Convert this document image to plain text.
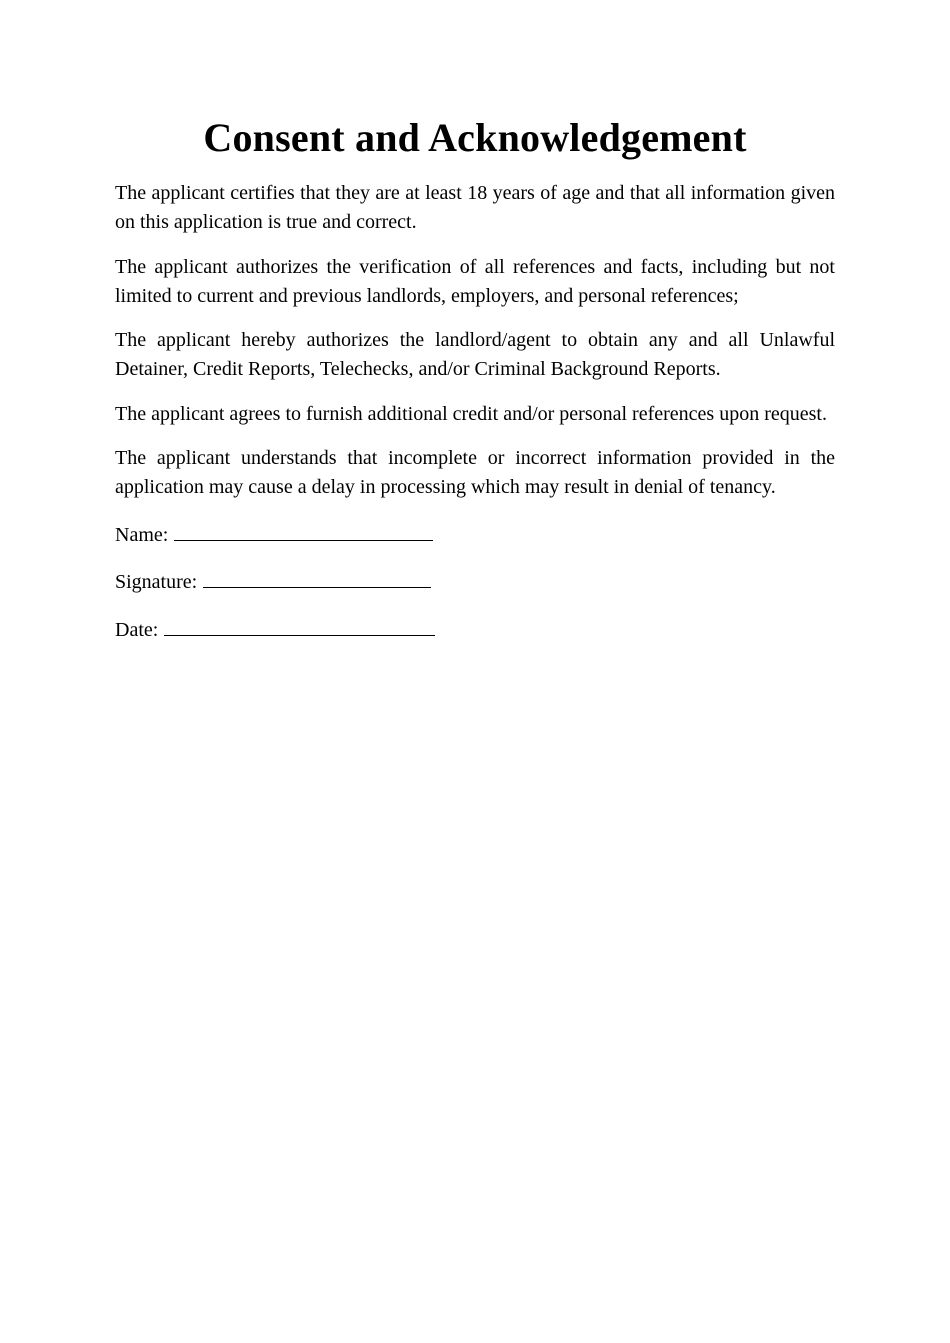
Consent and Acknowledgement

The applicant certifies that they are at least 18 years of age and that all information given on this application is true and correct.

The applicant authorizes the verification of all references and facts, including but not limited to current and previous landlords, employers, and personal references;

The applicant hereby authorizes the landlord/agent to obtain any and all Unlawful Detainer, Credit Reports, Telechecks, and/or Criminal Background Reports.

The applicant agrees to furnish additional credit and/or personal references upon request.

The applicant understands that incomplete or incorrect information provided in the application may cause a delay in processing which may result in denial of tenancy.

Name:
Signature:
Date:
